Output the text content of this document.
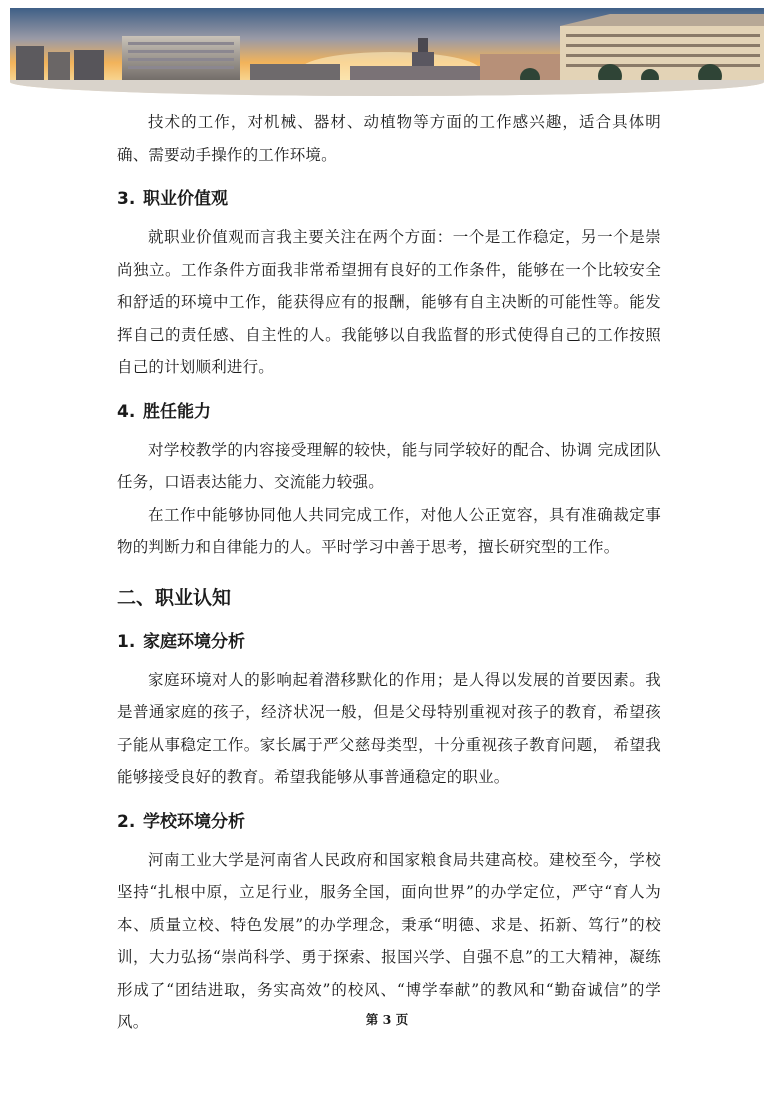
技术的工作，对机械、器材、动植物等方面的工作感兴趣，适合具体明确、需要动手操作的工作环境。

3. 职业价值观

就职业价值观而言我主要关注在两个方面：一个是工作稳定，另一个是崇尚独立。工作条件方面我非常希望拥有良好的工作条件，能够在一个比较安全和舒适的环境中工作，能获得应有的报酬，能够有自主决断的可能性等。能发挥自己的责任感、自主性的人。我能够以自我监督的形式使得自己的工作按照自己的计划顺利进行。

4. 胜任能力

对学校教学的内容接受理解的较快，能与同学较好的配合、协调 完成团队任务，口语表达能力、交流能力较强。

在工作中能够协同他人共同完成工作，对他人公正宽容，具有准确裁定事物的判断力和自律能力的人。平时学习中善于思考，擅长研究型的工作。

二、职业认知
1. 家庭环境分析

家庭环境对人的影响起着潜移默化的作用；是人得以发展的首要因素。我是普通家庭的孩子，经济状况一般，但是父母特别重视对孩子的教育，希望孩子能从事稳定工作。家长属于严父慈母类型，十分重视孩子教育问题， 希望我能够接受良好的教育。希望我能够从事普通稳定的职业。

2. 学校环境分析

河南工业大学是河南省人民政府和国家粮食局共建高校。建校至今，学校坚持“扎根中原，立足行业，服务全国，面向世界”的办学定位，严守“育人为本、质量立校、特色发展”的办学理念，秉承“明德、求是、拓新、笃行”的校训，大力弘扬“崇尚科学、勇于探索、报国兴学、自强不息”的工大精神，凝练形成了“团结进取，务实高效”的校风、“博学奉献”的教风和“勤奋诚信”的学风。	第 3 页
